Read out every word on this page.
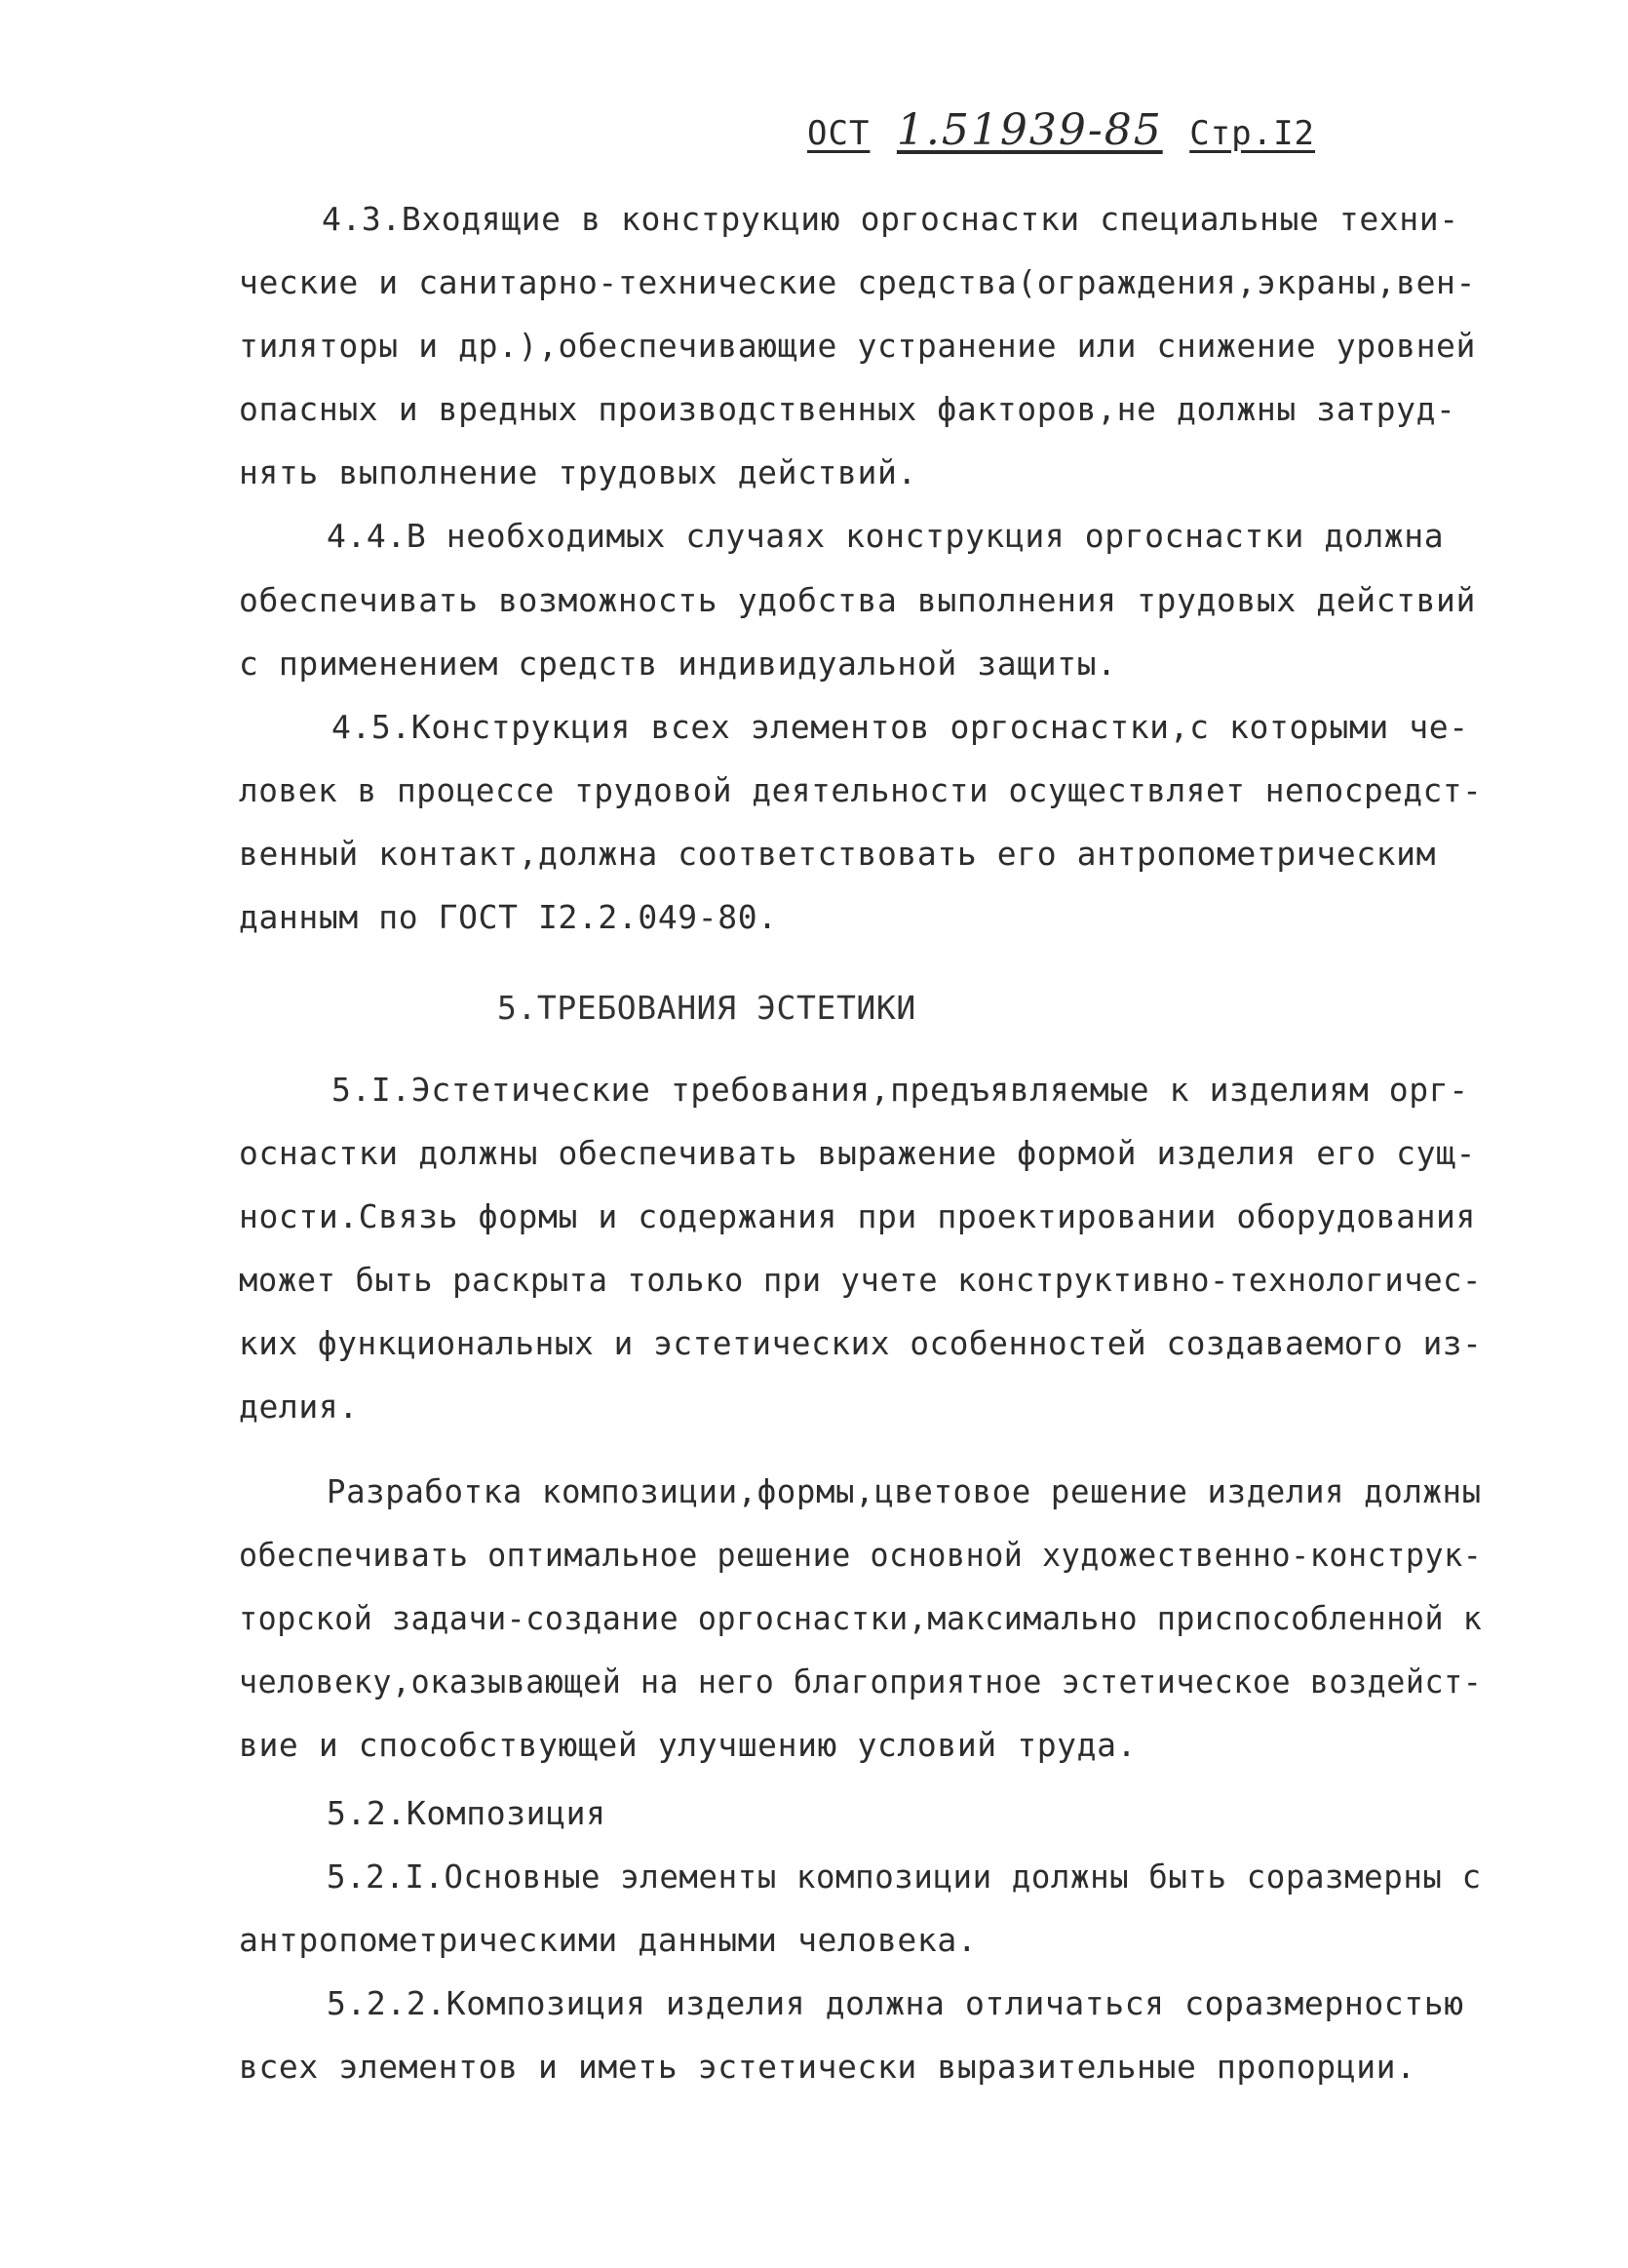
ОСТ 1.51939-85 Стр.I2
4.3.Входящие в конструкцию оргоснастки специальные техни-
ческие и санитарно-технические средства(ограждения,экраны,вен-
тиляторы и др.),обеспечивающие устранение или снижение уровней
опасных и вредных производственных факторов,не должны затруд-
нять выполнение трудовых действий.
4.4.В необходимых случаях конструкция оргоснастки должна
обеспечивать возможность удобства выполнения трудовых действий
с применением средств индивидуальной защиты.
4.5.Конструкция всех элементов оргоснастки,с которыми че-
ловек в процессе трудовой деятельности осуществляет непосредст-
венный контакт,должна соответствовать его антропометрическим
данным по ГОСТ I2.2.049-80.
5.ТРЕБОВАНИЯ ЭСТЕТИКИ
5.I.Эстетические требования,предъявляемые к изделиям орг-
оснастки должны обеспечивать выражение формой изделия его сущ-
ности.Связь формы и содержания при проектировании оборудования
может быть раскрыта только при учете конструктивно-технологичес-
ких функциональных и эстетических особенностей создаваемого из-
делия.
Разработка композиции,формы,цветовое решение изделия должны
обеспечивать оптимальное решение основной художественно-конструк-
торской задачи-создание оргоснастки,максимально приспособленной к
человеку,оказывающей на него благоприятное эстетическое воздейст-
вие и способствующей улучшению условий труда.
5.2.Композиция
5.2.I.Основные элементы композиции должны быть соразмерны с
антропометрическими данными человека.
5.2.2.Композиция изделия должна отличаться соразмерностью
всех элементов и иметь эстетически выразительные пропорции.
